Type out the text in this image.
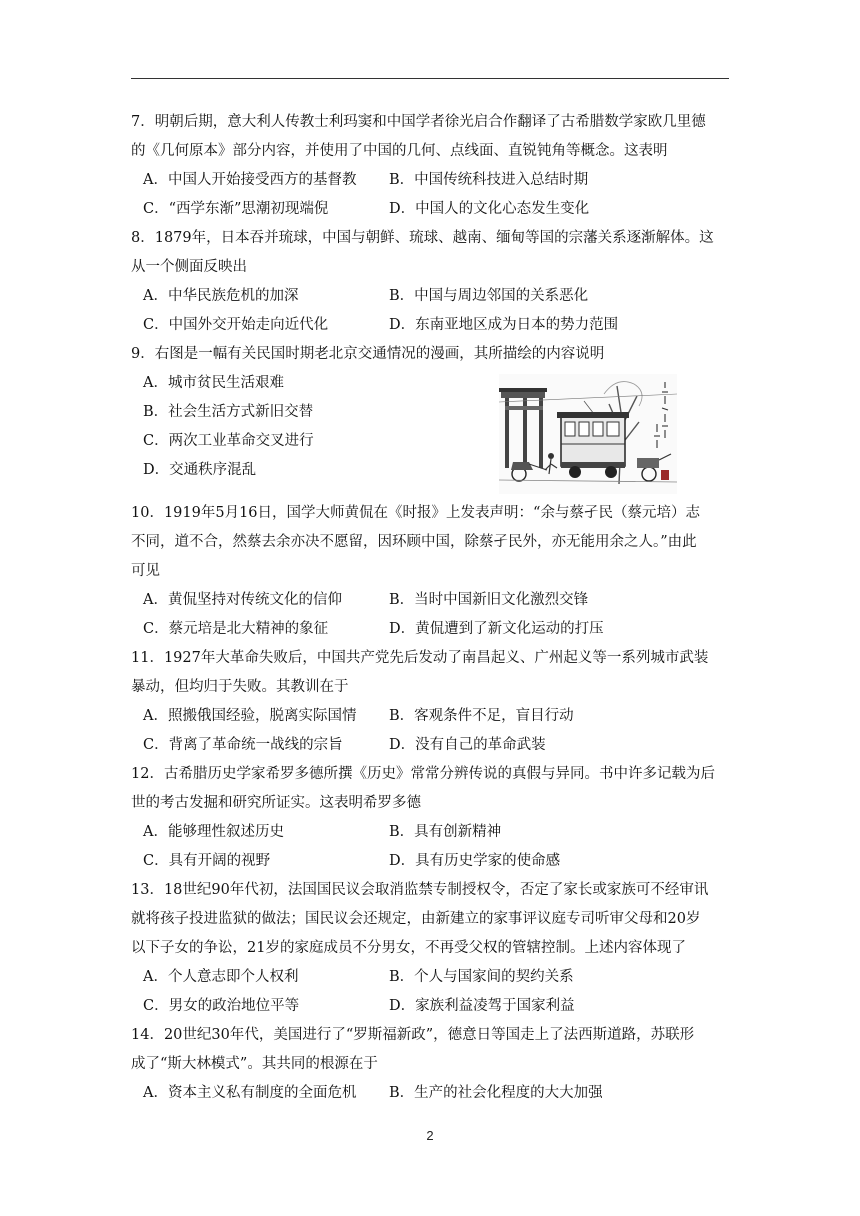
7．明朝后期，意大利人传教士利玛窦和中国学者徐光启合作翻译了古希腊数学家欧几里德
的《几何原本》部分内容，并使用了中国的几何、点线面、直锐钝角等概念。这表明
A．中国人开始接受西方的基督教 B．中国传统科技进入总结时期
C．“西学东渐”思潮初现端倪	D．中国人的文化心态发生变化
8．1879年，日本吞并琉球，中国与朝鲜、琉球、越南、缅甸等国的宗藩关系逐渐解体。这
从一个侧面反映出
A．中华民族危机的加深	B．中国与周边邻国的关系恶化
C．中国外交开始走向近代化	D．东南亚地区成为日本的势力范围
9．右图是一幅有关民国时期老北京交通情况的漫画，其所描绘的内容说明
A．城市贫民生活艰难
B．社会生活方式新旧交替
C．两次工业革命交叉进行
D．交通秩序混乱
10．1919年5月16日，国学大师黄侃在《时报》上发表声明：“余与蔡孑民（蔡元培）志
不同，道不合，然蔡去余亦决不愿留，因环顾中国，除蔡孑民外，亦无能用余之人。”由此
可见
A．黄侃坚持对传统文化的信仰	B．当时中国新旧文化激烈交锋
C．蔡元培是北大精神的象征	D．黄侃遭到了新文化运动的打压
11．1927年大革命失败后，中国共产党先后发动了南昌起义、广州起义等一系列城市武装
暴动，但均归于失败。其教训在于
A．照搬俄国经验，脱离实际国情 B．客观条件不足，盲目行动
C．背离了革命统一战线的宗旨	D．没有自己的革命武装
12．古希腊历史学家希罗多德所撰《历史》常常分辨传说的真假与异同。书中许多记载为后
世的考古发掘和研究所证实。这表明希罗多德
A．能够理性叙述历史	B．具有创新精神
C．具有开阔的视野	D．具有历史学家的使命感
13．18世纪90年代初，法国国民议会取消监禁专制授权令，否定了家长或家族可不经审讯
就将孩子投进监狱的做法；国民议会还规定，由新建立的家事评议庭专司听审父母和20岁
以下子女的争讼，21岁的家庭成员不分男女，不再受父权的管辖控制。上述内容体现了
A．个人意志即个人权利	B．个人与国家间的契约关系
C．男女的政治地位平等	D．家族利益凌驾于国家利益
14．20世纪30年代，美国进行了“罗斯福新政”，德意日等国走上了法西斯道路，苏联形
成了“斯大林模式”。其共同的根源在于
A．资本主义私有制度的全面危机 B．生产的社会化程度的大大加强
2
